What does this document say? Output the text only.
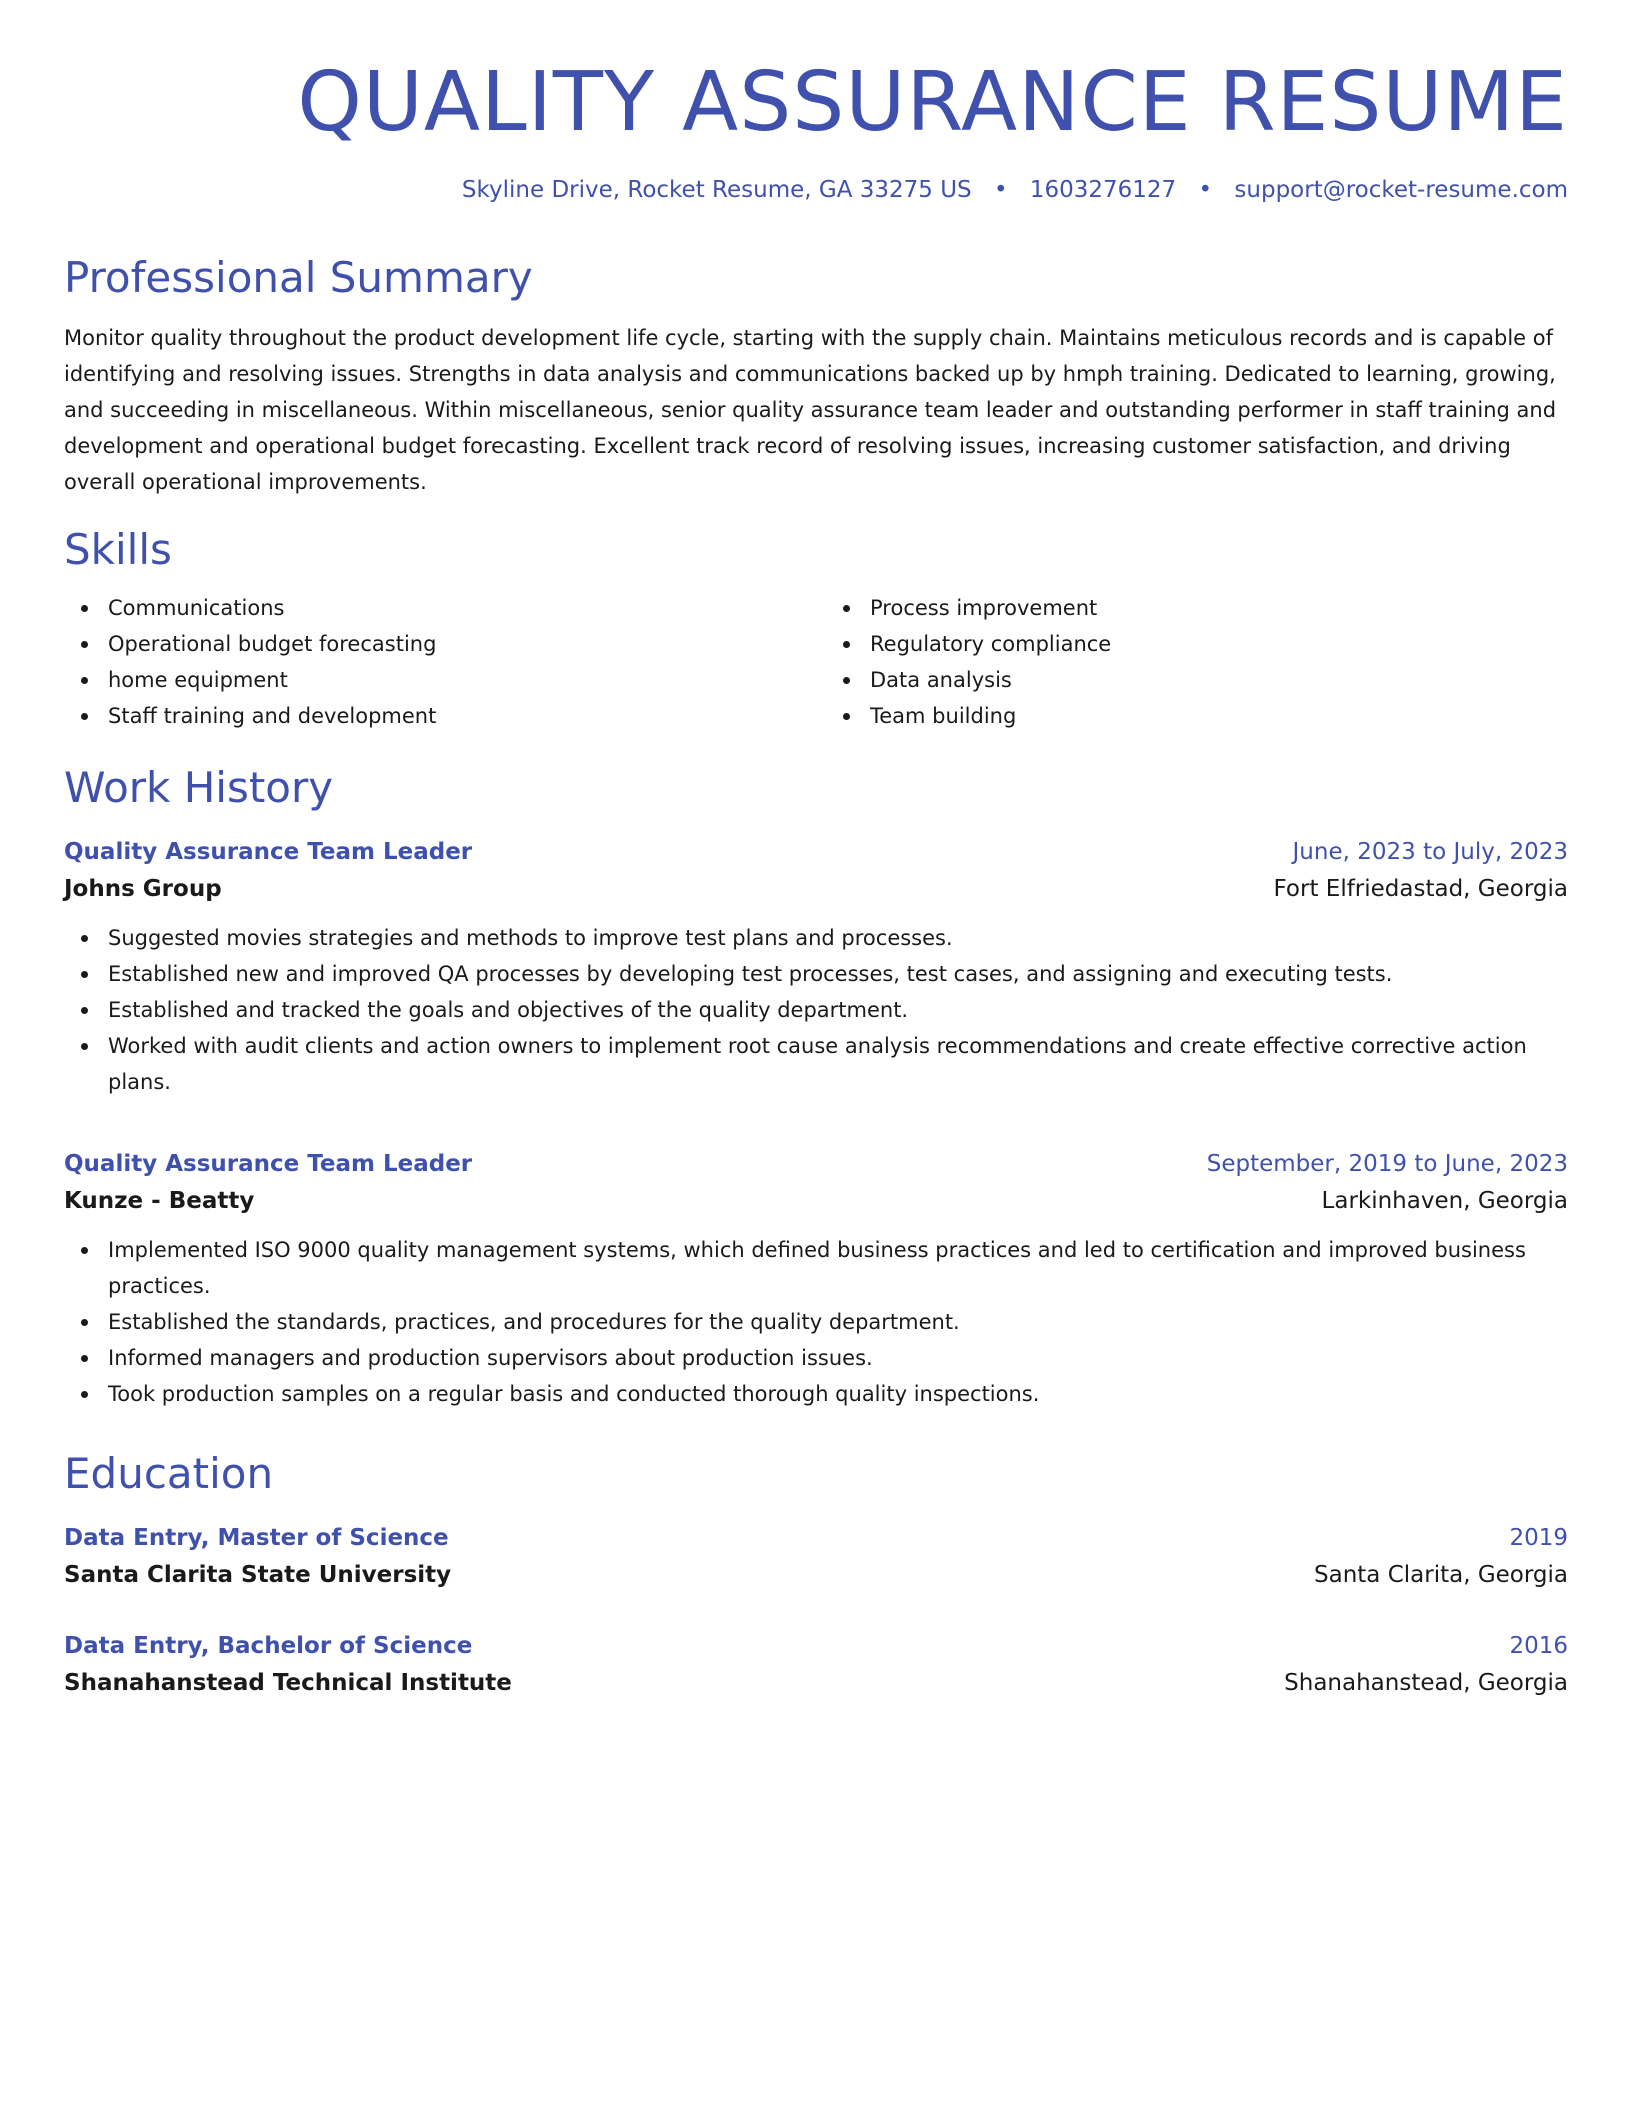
QUALITY ASSURANCE RESUME
Skyline Drive, Rocket Resume, GA 33275 US • 1603276127 • support@rocket-resume.com
Professional Summary

Monitor quality throughout the product development life cycle, starting with the supply chain. Maintains meticulous records and is capable of identifying and resolving issues. Strengths in data analysis and communications backed up by hmph training. Dedicated to learning, growing, and succeeding in miscellaneous. Within miscellaneous, senior quality assurance team leader and outstanding performer in staff training and development and operational budget forecasting. Excellent track record of resolving issues, increasing customer satisfaction, and driving overall operational improvements.

Skills
Communications
Operational budget forecasting
home equipment
Staff training and development
Process improvement
Regulatory compliance
Data analysis
Team building
Work History
Quality Assurance Team Leader	June, 2023 to July, 2023
Johns Group	Fort Elfriedastad, Georgia
Suggested movies strategies and methods to improve test plans and processes.
Established new and improved QA processes by developing test processes, test cases, and assigning and executing tests.
Established and tracked the goals and objectives of the quality department.
Worked with audit clients and action owners to implement root cause analysis recommendations and create effective corrective action plans.
Quality Assurance Team Leader	September, 2019 to June, 2023
Kunze - Beatty	Larkinhaven, Georgia
Implemented ISO 9000 quality management systems, which defined business practices and led to certification and improved business practices.
Established the standards, practices, and procedures for the quality department.
Informed managers and production supervisors about production issues.
Took production samples on a regular basis and conducted thorough quality inspections.
Education
Data Entry, Master of Science	2019
Santa Clarita State University	Santa Clarita, Georgia
Data Entry, Bachelor of Science	2016
Shanahanstead Technical Institute	Shanahanstead, Georgia
